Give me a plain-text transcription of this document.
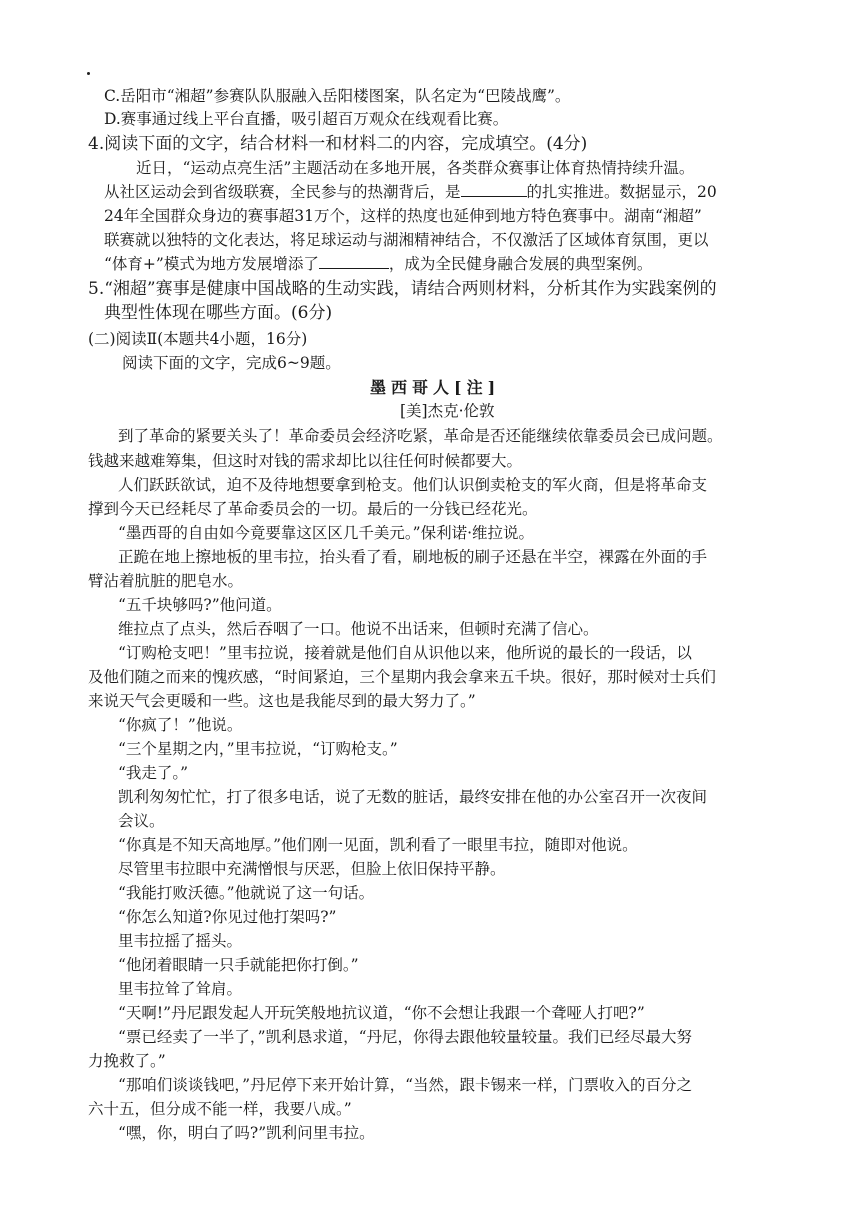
C.岳阳市“湘超”参赛队队服融入岳阳楼图案，队名定为“巴陵战鹰”。
D.赛事通过线上平台直播，吸引超百万观众在线观看比赛。
4.阅读下面的文字，结合材料一和材料二的内容，完成填空。(4分)
近日，“运动点亮生活”主题活动在多地开展，各类群众赛事让体育热情持续升温。
从社区运动会到省级联赛，全民参与的热潮背后，是	的扎实推进。数据显示，20
24年全国群众身边的赛事超31万个，这样的热度也延伸到地方特色赛事中。湖南“湘超”
联赛就以独特的文化表达，将足球运动与湖湘精神结合，不仅激活了区域体育氛围，更以
“体育+”模式为地方发展增添了	，成为全民健身融合发展的典型案例。
5.“湘超”赛事是健康中国战略的生动实践，请结合两则材料，分析其作为实践案例的
典型性体现在哪些方面。(6分)
(二)阅读Ⅱ(本题共4小题，16分)
阅读下面的文字，完成6~9题。
墨西哥人[注]
[美]杰克·伦敦
到了革命的紧要关头了！革命委员会经济吃紧，革命是否还能继续依靠委员会已成问题。
钱越来越难筹集，但这时对钱的需求却比以往任何时候都要大。
人们跃跃欲试，迫不及待地想要拿到枪支。他们认识倒卖枪支的军火商，但是将革命支
撑到今天已经耗尽了革命委员会的一切。最后的一分钱已经花光。
“墨西哥的自由如今竟要靠这区区几千美元。”保利诺·维拉说。
正跪在地上擦地板的里韦拉，抬头看了看，刷地板的刷子还悬在半空，裸露在外面的手
臂沾着肮脏的肥皂水。
“五千块够吗?”他问道。
维拉点了点头，然后吞咽了一口。他说不出话来，但顿时充满了信心。
“订购枪支吧！”里韦拉说，接着就是他们自从识他以来，他所说的最长的一段话，以
及他们随之而来的愧疚感，“时间紧迫，三个星期内我会拿来五千块。很好，那时候对士兵们
来说天气会更暖和一些。这也是我能尽到的最大努力了。”
“你疯了！”他说。
“三个星期之内，”里韦拉说，“订购枪支。”
“我走了。”
凯利匆匆忙忙，打了很多电话，说了无数的脏话，最终安排在他的办公室召开一次夜间
会议。
“你真是不知天高地厚。”他们刚一见面，凯利看了一眼里韦拉，随即对他说。
尽管里韦拉眼中充满憎恨与厌恶，但脸上依旧保持平静。
“我能打败沃德。”他就说了这一句话。
“你怎么知道?你见过他打架吗?”
里韦拉摇了摇头。
“他闭着眼睛一只手就能把你打倒。”
里韦拉耸了耸肩。
“天啊!”丹尼跟发起人开玩笑般地抗议道，“你不会想让我跟一个聋哑人打吧?”
“票已经卖了一半了，”凯利恳求道，“丹尼，你得去跟他较量较量。我们已经尽最大努
力挽救了。”
“那咱们谈谈钱吧，”丹尼停下来开始计算，“当然，跟卡锡来一样，门票收入的百分之
六十五，但分成不能一样，我要八成。”
“嘿，你，明白了吗?”凯利问里韦拉。
